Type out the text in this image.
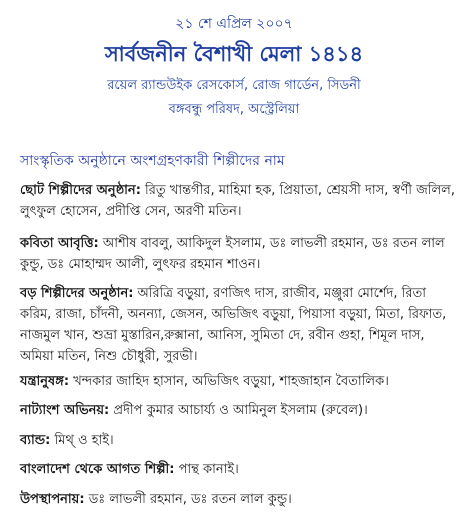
২১ শে এপ্রিল ২০০৭
সার্বজনীন বৈশাখী মেলা ১৪১৪
রয়েল র‍্যান্ডউইক রেসকোর্স, রোজ গার্ডেন, সিডনী
বঙ্গবন্ধু পরিষদ, অস্ট্রেলিয়া
সাংস্কৃতিক অনুষ্ঠানে অংশগ্রহণকারী শিল্পীদের নাম
ছোট শিল্পীদের অনুষ্ঠান: রিতু খান্তগীর, মাহিমা হক, প্রিয়াতা, শ্রেয়সী দাস, স্বর্ণী জলিল, লুৎফুল হোসেন, প্রদীপ্তি সেন, অরণী মতিন।
কবিতা আবৃত্তি: আশীষ বাবলু, আকিদুল ইসলাম, ডঃ লাভলী রহমান, ডঃ রতন লাল কুন্ডু, ডঃ মোহাম্মদ আলী, লুৎফর রহমান শাওন।
বড় শিল্পীদের অনুষ্ঠান: অরিত্রি বড়ুয়া, রণজিৎ দাস, রাজীব, মঞ্জুরা মোর্শেদ, রিতা করিম, রাজা, চাঁদনী, অনন্যা, জেসন, অভিজিৎ বড়ুয়া, পিয়াসা বড়ুয়া, মিতা, রিফাত, নাজমুল খান, শুভ্রা মুস্তারিন,রুক্সানা, আনিস, সুমিতা দে, রবীন গুহা, শিমূল দাস, অমিয়া মতিন, নিশু চৌধুরী, সুরভী।
যন্ত্রানুষঙ্গ: খন্দকার জাহিদ হাসান, অভিজিৎ বড়ুয়া, শাহজাহান বৈতালিক।
নাট্যাংশ অভিনয়: প্রদীপ কুমার আচার্য্য ও আমিনুল ইসলাম (রুবেল)।
ব্যান্ড: মিথ্‌ ও হাই।
বাংলাদেশ থেকে আগত শিল্পী: পান্থ কানাই।
উপস্থাপনায়: ডঃ লাভলী রহমান, ডঃ রতন লাল কুন্ডু।
